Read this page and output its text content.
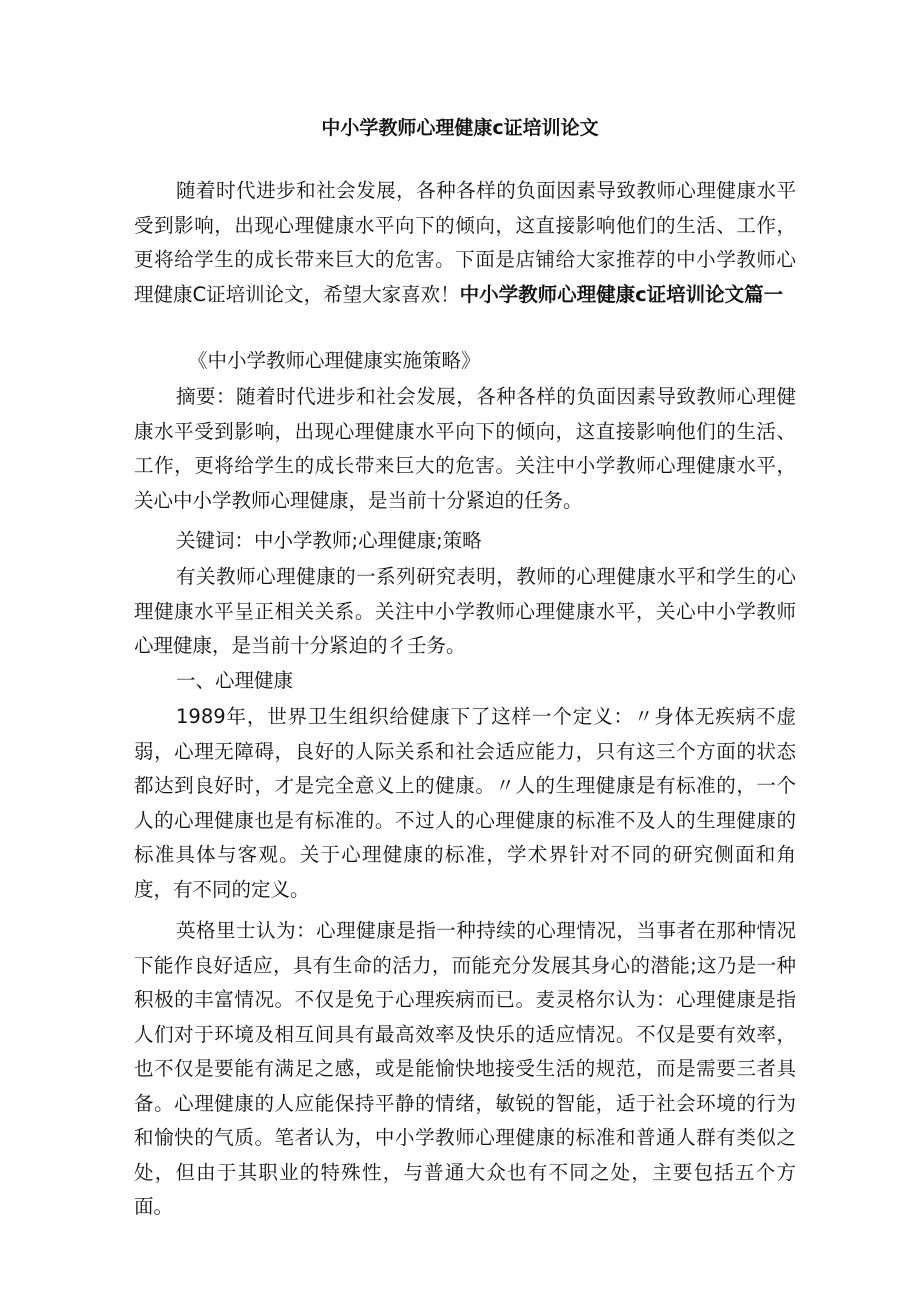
中小学教师心理健康c证培训论文

随着时代进步和社会发展，各种各样的负面因素导致教师心理健康水平受到影响，出现心理健康水平向下的倾向，这直接影响他们的生活、工作，更将给学生的成长带来巨大的危害。下面是店铺给大家推荐的中小学教师心理健康C证培训论文，希望大家喜欢！中小学教师心理健康c证培训论文篇一

《中小学教师心理健康实施策略》

摘要：随着时代进步和社会发展，各种各样的负面因素导致教师心理健康水平受到影响，出现心理健康水平向下的倾向，这直接影响他们的生活、工作，更将给学生的成长带来巨大的危害。关注中小学教师心理健康水平，关心中小学教师心理健康，是当前十分紧迫的任务。

关键词：中小学教师;心理健康;策略

有关教师心理健康的一系列研究表明，教师的心理健康水平和学生的心理健康水平呈正相关关系。关注中小学教师心理健康水平，关心中小学教师心理健康，是当前十分紧迫的彳壬务。

一、心理健康

1989年，世界卫生组织给健康下了这样一个定义：〃身体无疾病不虚弱，心理无障碍，良好的人际关系和社会适应能力，只有这三个方面的状态都达到良好时，才是完全意义上的健康。〃人的生理健康是有标准的，一个人的心理健康也是有标准的。不过人的心理健康的标准不及人的生理健康的标准具体与客观。关于心理健康的标准，学术界针对不同的研究侧面和角度，有不同的定义。

英格里士认为：心理健康是指一种持续的心理情况，当事者在那种情况下能作良好适应，具有生命的活力，而能充分发展其身心的潜能;这乃是一种积极的丰富情况。不仅是免于心理疾病而已。麦灵格尔认为：心理健康是指人们对于环境及相互间具有最高效率及快乐的适应情况。不仅是要有效率，也不仅是要能有满足之感，或是能愉快地接受生活的规范，而是需要三者具备。心理健康的人应能保持平静的情绪，敏锐的智能，适于社会环境的行为和愉快的气质。笔者认为，中小学教师心理健康的标准和普通人群有类似之处，但由于其职业的特殊性，与普通大众也有不同之处，主要包括五个方面。
